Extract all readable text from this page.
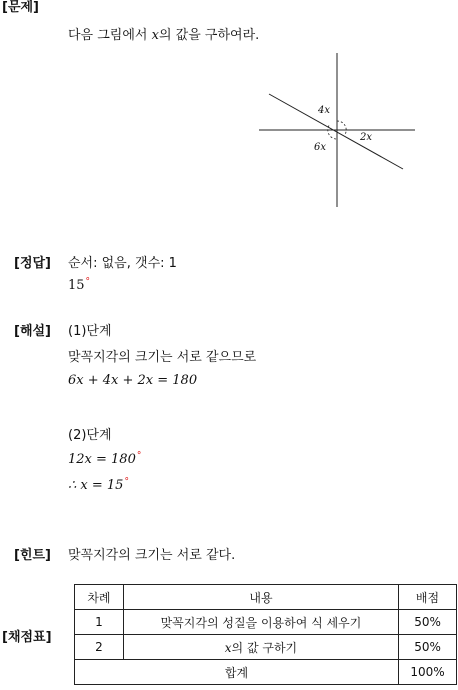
[문제]
다음 그림에서 x의 값을 구하여라.
4x
2x
6x
[정답] 순서: 없음, 갯수: 1
15°
[해설] (1)단계
맞꼭지각의 크기는 서로 같으므로
6x + 4x + 2x = 180
(2)단계
12x = 180°
∴ x = 15°
[힌트] 맞꼭지각의 크기는 서로 같다.
[채점표]
차례	내용	배점
1	맞꼭지각의 성질을 이용하여 식 세우기	50%
2	x의 값 구하기	50%
합계		100%
